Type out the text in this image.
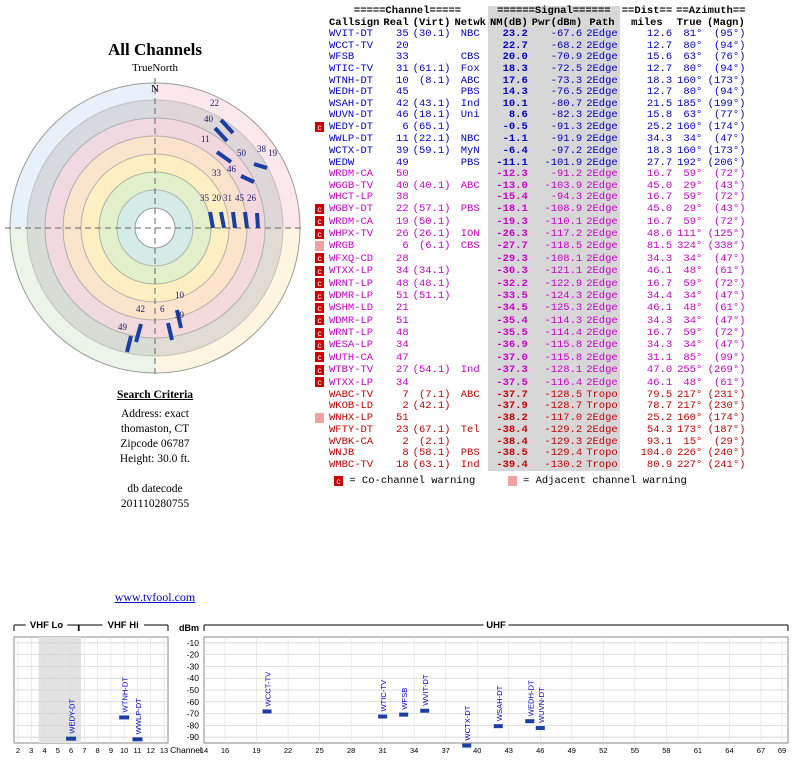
All Channels
TrueNorth
N
22
40
11
50 38 19
46
33
35 20 31 45 26
10
6
39
42
49
Search Criteria
Address: exact
thomaston, CT
Zipcode 06787
Height: 30.0 ft.
db datecode
201110280755
www.tvfool.com
	=====Channel=====				======Signal======			==Dist==	==Azimuth==	
	Callsign	Real	(Virt)	Netwk	NM(dB)	Pwr(dBm)	Path	miles	True	(Magn)
	WVIT-DT	35	(30.1)	NBC	23.2	-67.6	2Edge	12.6	81°	(95°)
	WCCT-TV	20			22.7	-68.2	2Edge	12.7	80°	(94°)
	WFSB	33		CBS	20.0	-70.9	2Edge	15.6	63°	(76°)
	WTIC-TV	31	(61.1)	Fox	18.3	-72.5	2Edge	12.7	80°	(94°)
	WTNH-DT	10	(8.1)	ABC	17.6	-73.3	2Edge	18.3	160°	(173°)
	WEDH-DT	45		PBS	14.3	-76.5	2Edge	12.7	80°	(94°)
	WSAH-DT	42	(43.1)	Ind	10.1	-80.7	2Edge	21.5	185°	(199°)
	WUVN-DT	46	(18.1)	Uni	8.6	-82.3	2Edge	15.8	63°	(77°)
c	WEDY-DT	6	(65.1)		-0.5	-91.3	2Edge	25.2	160°	(174°)
	WWLP-DT	11	(22.1)	NBC	-1.1	-91.9	2Edge	34.3	34°	(47°)
	WCTX-DT	39	(59.1)	MyN	-6.4	-97.2	2Edge	18.3	160°	(173°)
	WEDW	49		PBS	-11.1	-101.9	2Edge	27.7	192°	(206°)
	WRDM-CA	50			-12.3	-91.2	2Edge	16.7	59°	(72°)
	WGGB-TV	40	(40.1)	ABC	-13.0	-103.9	2Edge	45.0	29°	(43°)
	WHCT-LP	38			-15.4	-94.3	2Edge	16.7	59°	(72°)
c	WGBY-DT	22	(57.1)	PBS	-18.1	-108.9	2Edge	45.0	29°	(43°)
c	WRDM-CA	19	(50.1)		-19.3	-110.1	2Edge	16.7	59°	(72°)
c	WHPX-TV	26	(26.1)	ION	-26.3	-117.2	2Edge	48.6	111°	(125°)
a	WRGB	6	(6.1)	CBS	-27.7	-118.5	2Edge	81.5	324°	(338°)
c	WFXQ-CD	28			-29.3	-108.1	2Edge	34.3	34°	(47°)
c	WTXX-LP	34	(34.1)		-30.3	-121.1	2Edge	46.1	48°	(61°)
c	WRNT-LP	48	(48.1)		-32.2	-122.9	2Edge	16.7	59°	(72°)
c	WDMR-LP	51	(51.1)		-33.5	-124.3	2Edge	34.4	34°	(47°)
c	WSHM-LD	21			-34.5	-125.3	2Edge	46.1	48°	(61°)
c	WDMR-LP	51			-35.4	-114.3	2Edge	34.3	34°	(47°)
c	WRNT-LP	48			-35.5	-114.4	2Edge	16.7	59°	(72°)
c	WESA-LP	34			-36.9	-115.8	2Edge	34.3	34°	(47°)
c	WUTH-CA	47			-37.0	-115.8	2Edge	31.1	85°	(99°)
c	WTBY-TV	27	(54.1)	Ind	-37.3	-128.1	2Edge	47.0	255°	(269°)
c	WTXX-LP	34			-37.5	-116.4	2Edge	46.1	48°	(61°)
	WABC-TV	7	(7.1)	ABC	-37.7	-128.5	Tropo	79.5	217°	(231°)
	WKOB-LD	2	(42.1)		-37.9	-128.7	Tropo	78.7	217°	(230°)
a	WNHX-LP	51			-38.2	-117.0	2Edge	25.2	160°	(174°)
	WFTY-DT	23	(67.1)	Tel	-38.4	-129.2	2Edge	54.3	173°	(187°)
	WVBK-CA	2	(2.1)		-38.4	-129.3	2Edge	93.1	15°	(29°)
	WNJB	8	(58.1)	PBS	-38.5	-129.4	Tropo	104.0	226°	(240°)
	WMBC-TV	18	(63.1)	Ind	-39.4	-130.2	Tropo	80.9	227°	(241°)
c = Co-channel warning	a = Adjacent channel warning
-10
-20
-30
-40
-50
-60
-70
-80
-90
2 3 4 5 6 7 8 9 10 11 12 13	14 16	19	22	25	28	31	34	37	40	43	46	49	52	55	58	61	64	67 69
dBm
Channel
VHF Lo	VHF Hi	UHF
WEDY-DT	WWLP-DT
WTNH-DT	WCCT-TV	WTIC-TV WFSB WVIT-DT
WCTX-DT
WSAH-DT	WEDH-DT WUVN-DT
